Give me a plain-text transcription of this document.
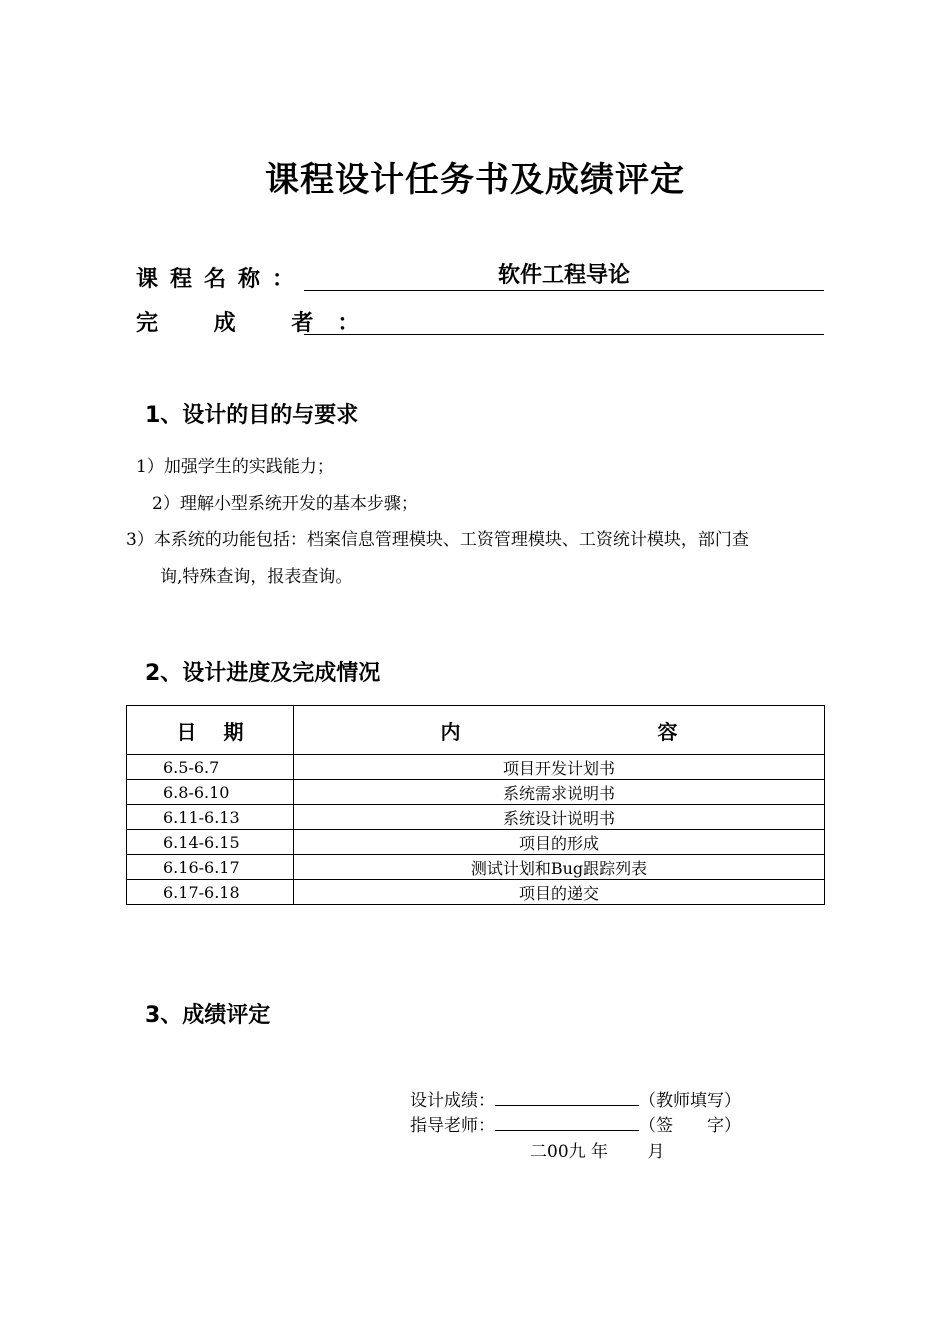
课程设计任务书及成绩评定
课程名称：	软件工程导论
完 成 者：
1、设计的目的与要求
1）加强学生的实践能力；
2）理解小型系统开发的基本步骤；
3）本系统的功能包括：档案信息管理模块、工资管理模块、工资统计模块，部门查
询,特殊查询，报表查询。
2、设计进度及完成情况
日　 期	内 容
6.5-6.7	项目开发计划书
6.8-6.10	系统需求说明书
6.11-6.13	系统设计说明书
6.14-6.15	项目的形成
6.16-6.17	测试计划和Bug跟踪列表
6.17-6.18	项目的递交
3、成绩评定
设计成绩：	（教师填写）
指导老师：	（签　　字）
二00九 年　　 月
